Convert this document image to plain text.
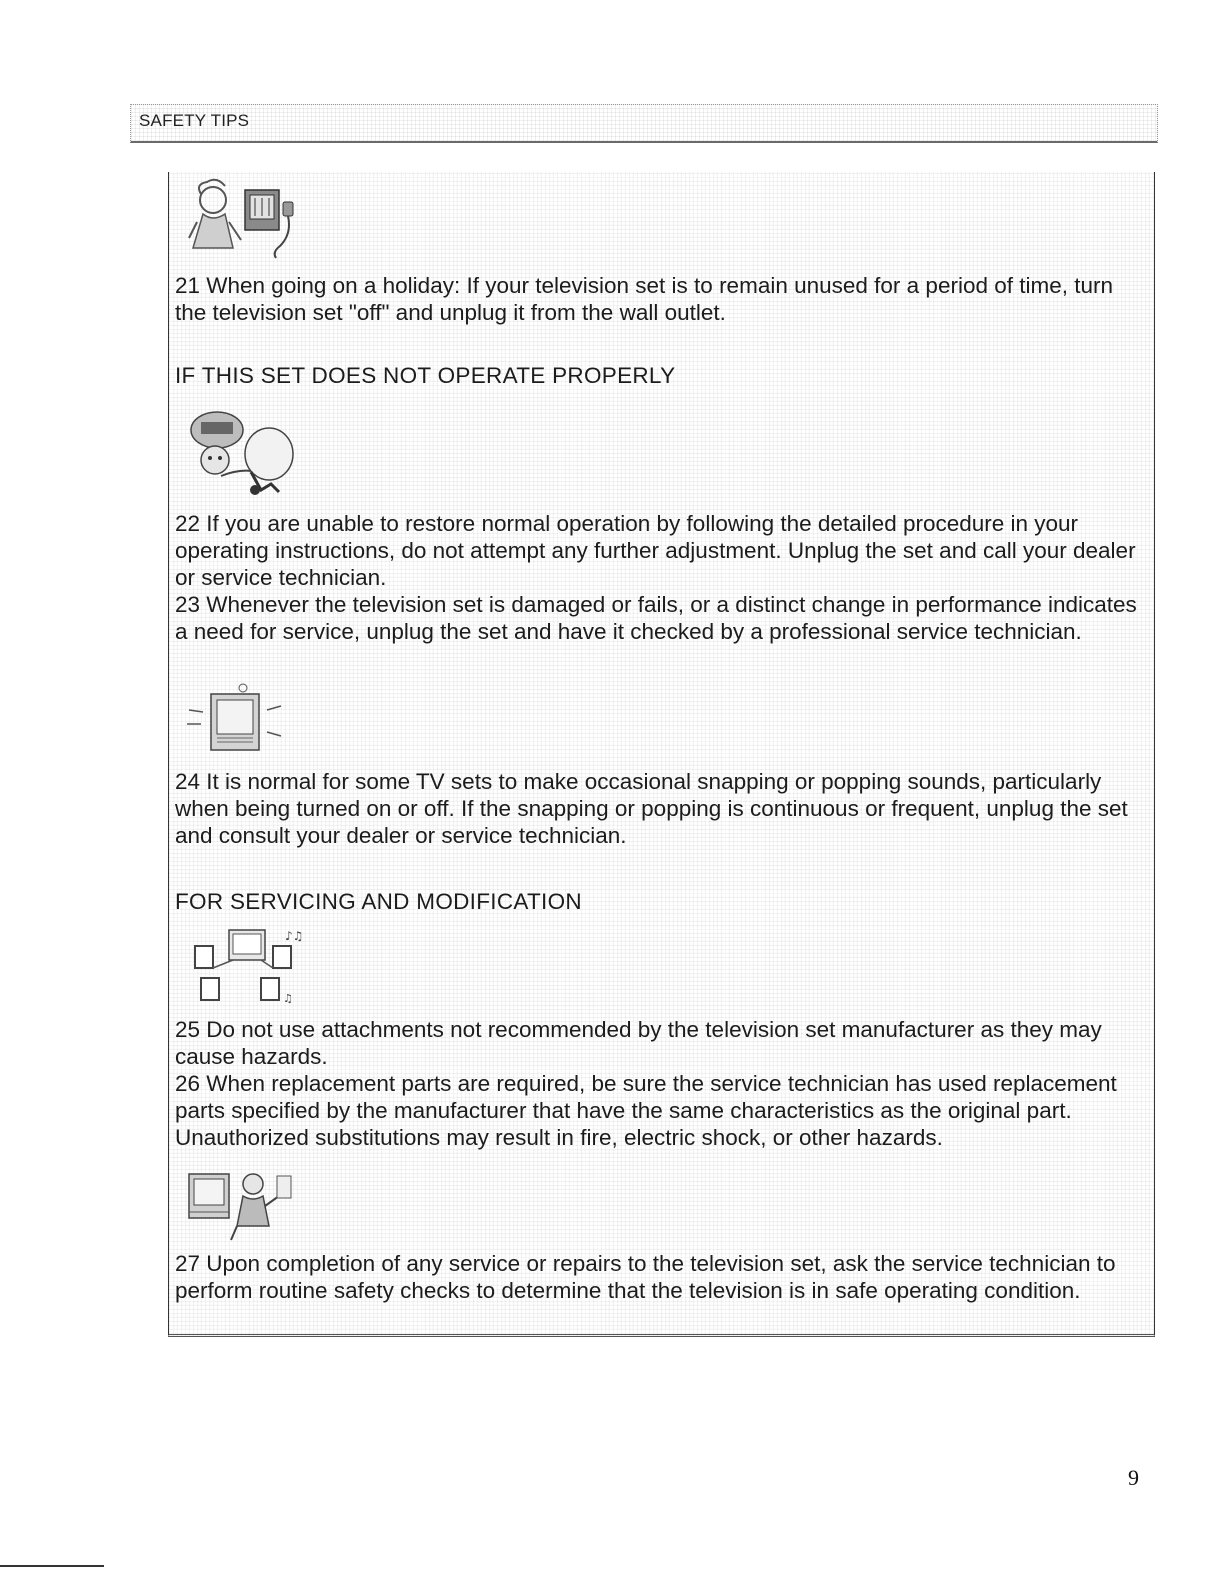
SAFETY TIPS

21 When going on a holiday: If your television set is to remain unused for a period of time, turn the television set "off" and unplug it from the wall outlet.

IF THIS SET DOES NOT OPERATE PROPERLY

22 If you are unable to restore normal operation by following the detailed procedure in your operating instructions, do not attempt any further adjustment. Unplug the set and call your dealer or service technician.

23 Whenever the television set is damaged or fails, or a distinct change in performance indicates a need for service, unplug the set and have it checked by a professional service technician.

24 It is normal for some TV sets to make occasional snapping or popping sounds, particularly when being turned on or off. If the snapping or popping is continuous or frequent, unplug the set and consult your dealer or service technician.

FOR SERVICING AND MODIFICATION
♪♫
♫

25 Do not use attachments not recommended by the television set manufacturer as they may cause hazards.

26 When replacement parts are required, be sure the service technician has used replacement parts specified by the manufacturer that have the same characteristics as the original part. Unauthorized substitutions may result in fire, electric shock, or other hazards.

27 Upon completion of any service or repairs to the television set, ask the service technician to perform routine safety checks to determine that the television is in safe operating condition.

9
